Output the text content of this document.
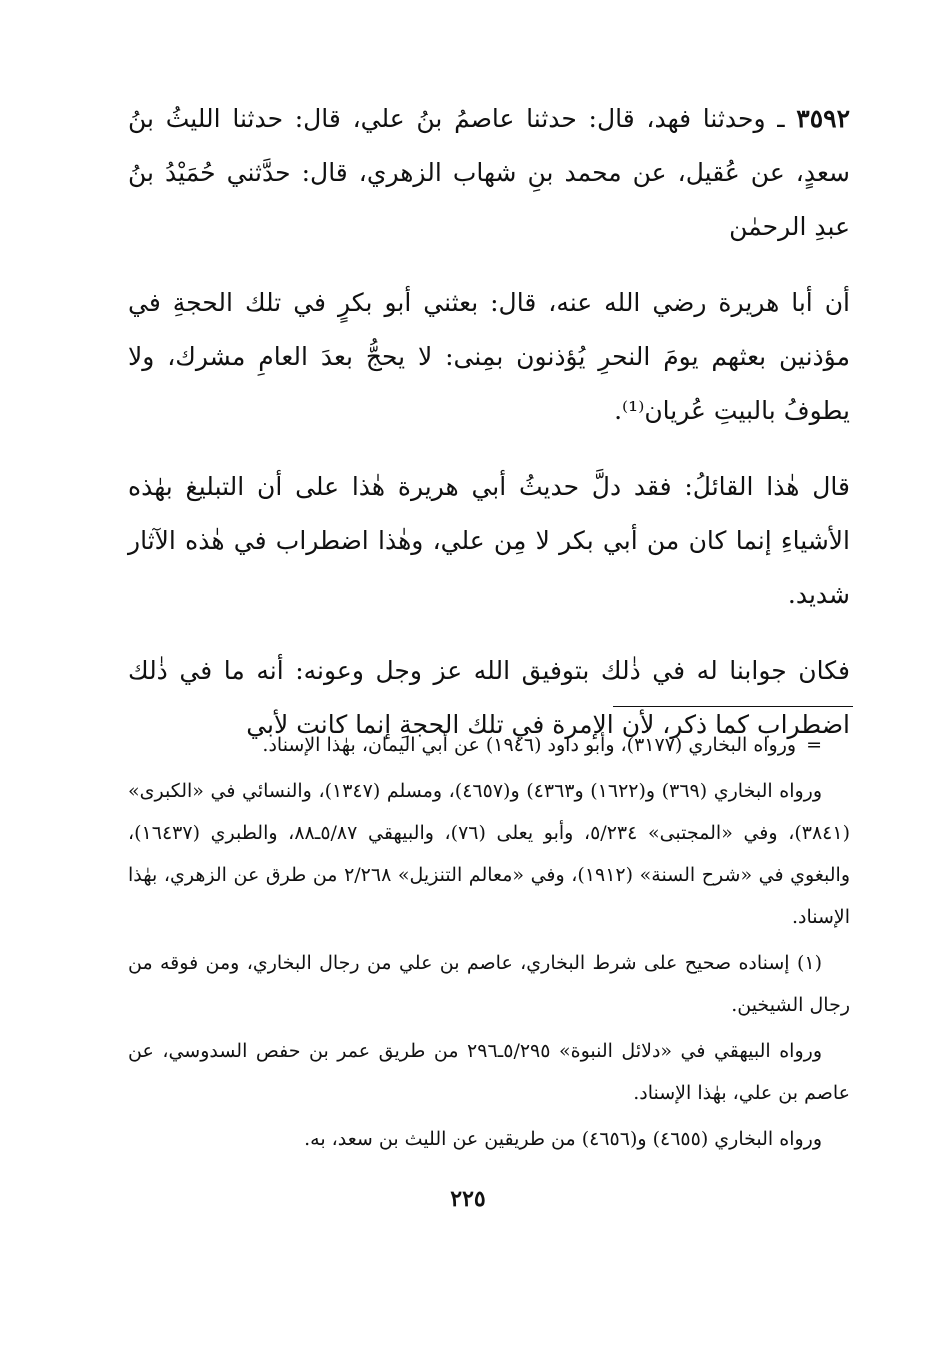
٣٥٩٢ ـ وحدثنا فهد، قال: حدثنا عاصمُ بنُ علي، قال: حدثنا الليثُ بنُ سعدٍ، عن عُقيل، عن محمد بنِ شهاب الزهري، قال: حدَّثني حُمَيْدُ بنُ عبدِ الرحمٰن

أن أبا هريرة رضي الله عنه، قال: بعثني أبو بكرٍ في تلك الحجةِ في مؤذنين بعثهم يومَ النحرِ يُؤذنون بمِنى: لا يحجُّ بعدَ العامِ مشرك، ولا يطوفُ بالبيتِ عُريان⁽¹⁾.

قال هٰذا القائلُ: فقد دلَّ حديثُ أبي هريرة هٰذا على أن التبليغ بهٰذه الأشياءِ إنما كان من أبي بكر لا مِن علي، وهٰذا اضطراب في هٰذه الآثار شديد.

فكان جوابنا له في ذٰلك بتوفيق الله عز وجل وعونه: أنه ما في ذٰلك اضطراب كما ذكر، لأن الإمرة في تلك الحجةِ إنما كانت لأبي

=ورواه البخاري (٣١٧٧)، وأبو داود (١٩٤٦) عن أبي اليمان، بهٰذا الإسناد.

ورواه البخاري (٣٦٩) و(١٦٢٢) و٤٣٦٣) و(٤٦٥٧)، ومسلم (١٣٤٧)، والنسائي في «الكبرى» (٣٨٤١)، وفي «المجتبى» ٥/٢٣٤، وأبو يعلى (٧٦)، والبيهقي ٥/٨٧ـ٨٨، والطبري (١٦٤٣٧)، والبغوي في «شرح السنة» (١٩١٢)، وفي «معالم التنزيل» ٢/٢٦٨ من طرق عن الزهري، بهٰذا الإسناد.

(١) إسناده صحيح على شرط البخاري، عاصم بن علي من رجال البخاري، ومن فوقه من رجال الشيخين.

ورواه البيهقي في «دلائل النبوة» ٥/٢٩٥ـ٢٩٦ من طريق عمر بن حفص السدوسي، عن عاصم بن علي، بهٰذا الإسناد.

ورواه البخاري (٤٦٥٥) و(٤٦٥٦) من طريقين عن الليث بن سعد، به.

٢٢٥
